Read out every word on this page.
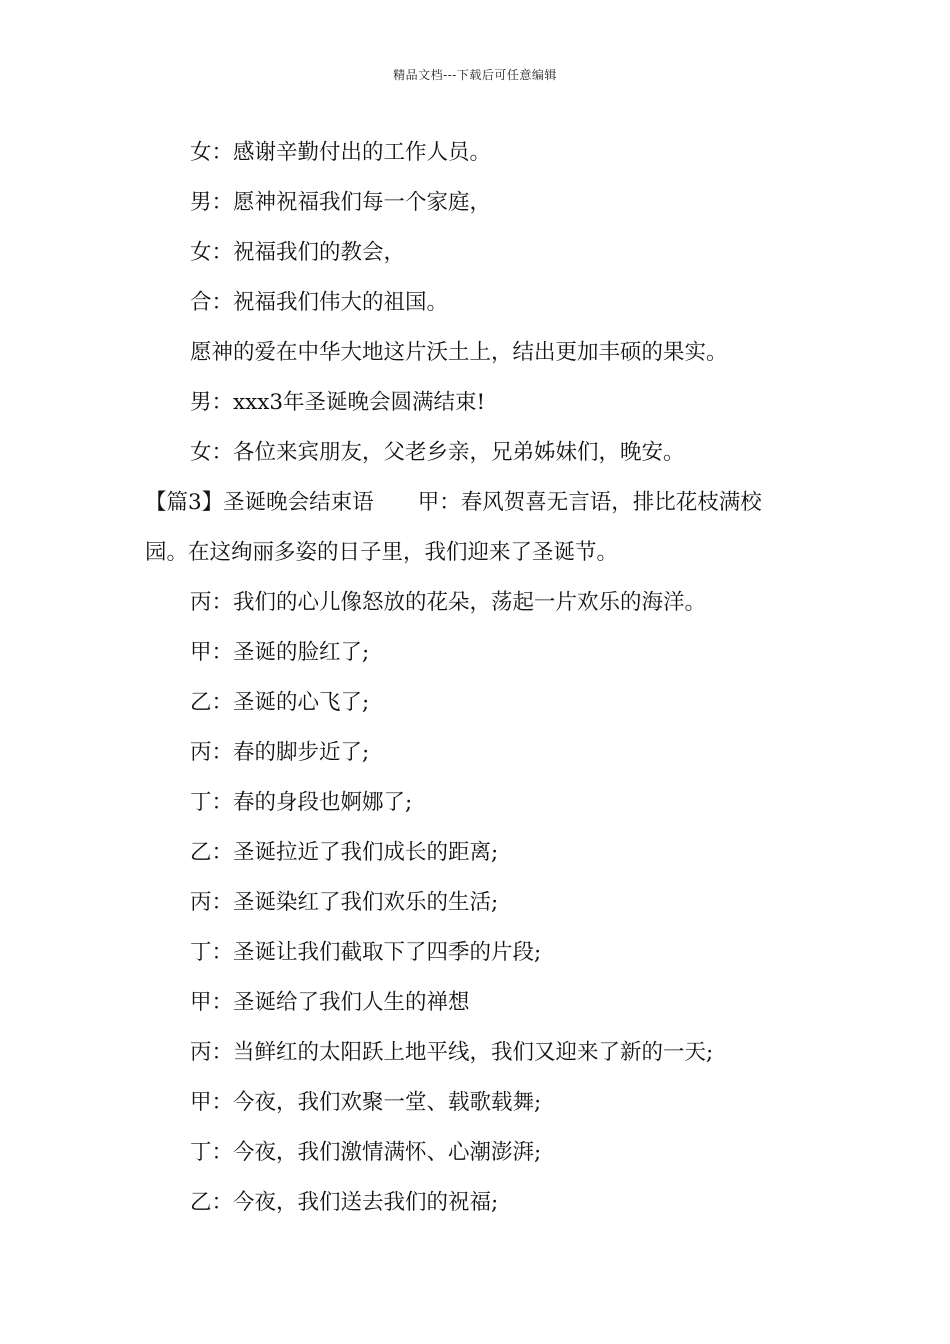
精品文档---下载后可任意编辑

女：感谢辛勤付出的工作人员。

男：愿神祝福我们每一个家庭，

女：祝福我们的教会，

合：祝福我们伟大的祖国。

愿神的爱在中华大地这片沃土上，结出更加丰硕的果实。

男：xxx3年圣诞晚会圆满结束!

女：各位来宾朋友，父老乡亲，兄弟姊妹们，晚安。

【篇3】圣诞晚会结束语 甲：春风贺喜无言语，排比花枝满校
园。在这绚丽多姿的日子里，我们迎来了圣诞节。

丙：我们的心儿像怒放的花朵，荡起一片欢乐的海洋。

甲：圣诞的脸红了;

乙：圣诞的心飞了;

丙：春的脚步近了;

丁：春的身段也婀娜了;

乙：圣诞拉近了我们成长的距离;

丙：圣诞染红了我们欢乐的生活;

丁：圣诞让我们截取下了四季的片段;

甲：圣诞给了我们人生的禅想

丙：当鲜红的太阳跃上地平线，我们又迎来了新的一天;

甲：今夜，我们欢聚一堂、载歌载舞;

丁：今夜，我们激情满怀、心潮澎湃;

乙：今夜，我们送去我们的祝福;
